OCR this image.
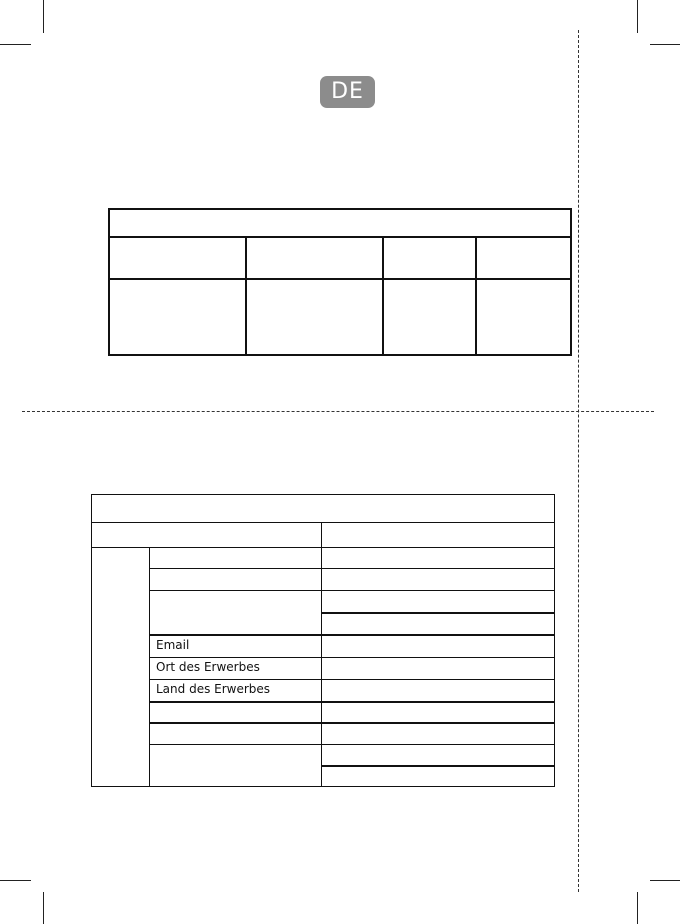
DE
Email
Ort des Erwerbes
Land des Erwerbes
